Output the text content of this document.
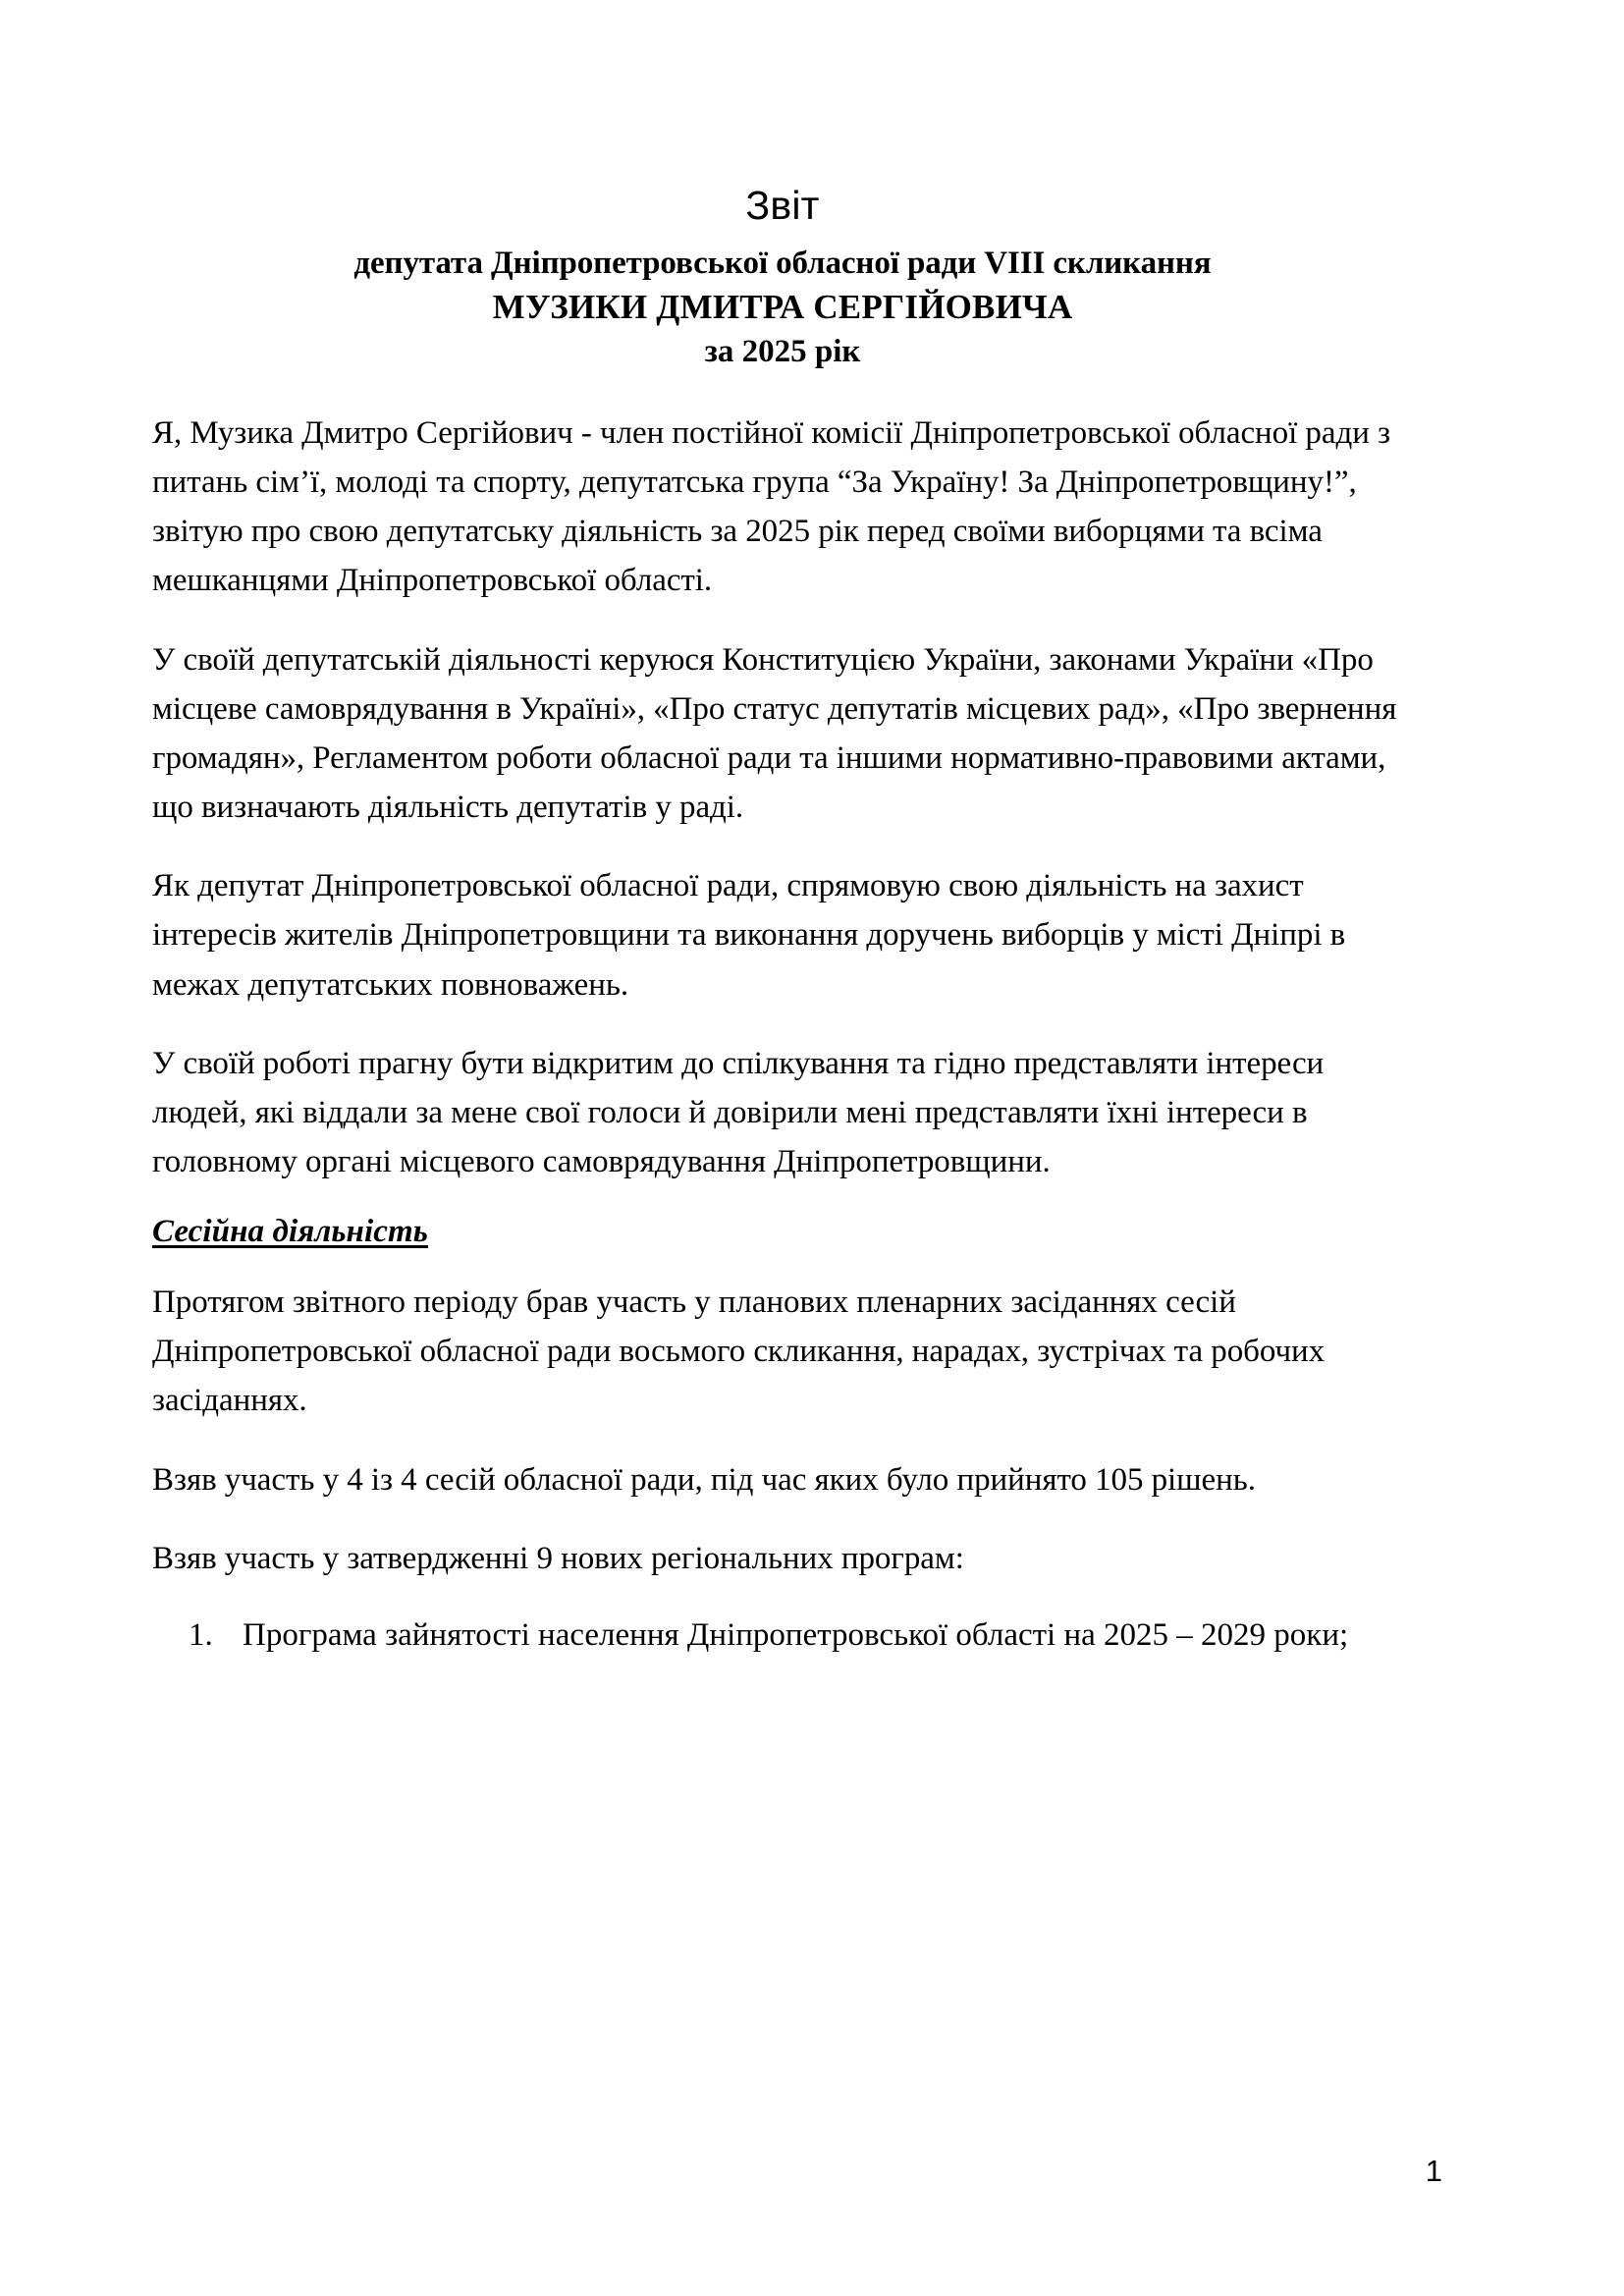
Звіт
депутата Дніпропетровської обласної ради VIII скликання
МУЗИКИ ДМИТРА СЕРГІЙОВИЧА
за 2025 рік

Я, Музика Дмитро Сергійович - член постійної комісії Дніпропетровської обласної ради з питань сім’ї, молоді та спорту, депутатська група “За Україну! За Дніпропетровщину!”, звітую про свою депутатську діяльність за 2025 рік перед своїми виборцями та всіма мешканцями Дніпропетровської області.

У своїй депутатській діяльності керуюся Конституцією України, законами України «Про місцеве самоврядування в Україні», «Про статус депутатів місцевих рад», «Про звернення громадян», Регламентом роботи обласної ради та іншими нормативно-правовими актами, що визначають діяльність депутатів у раді.

Як депутат Дніпропетровської обласної ради, спрямовую свою діяльність на захист інтересів жителів Дніпропетровщини та виконання доручень виборців у місті Дніпрі в межах депутатських повноважень.

У своїй роботі прагну бути відкритим до спілкування та гідно представляти інтереси людей, які віддали за мене свої голоси й довірили мені представляти їхні інтереси в головному органі місцевого самоврядування Дніпропетровщини.

Сесійна діяльність

Протягом звітного періоду брав участь у планових пленарних засіданнях сесій Дніпропетровської обласної ради восьмого скликання, нарадах, зустрічах та робочих засіданнях.

Взяв участь у 4 із 4 сесій обласної ради, під час яких було прийнято 105 рішень.

Взяв участь у затвердженні 9 нових регіональних програм:

1. Програма зайнятості населення Дніпропетровської області на 2025 – 2029 роки;
1
